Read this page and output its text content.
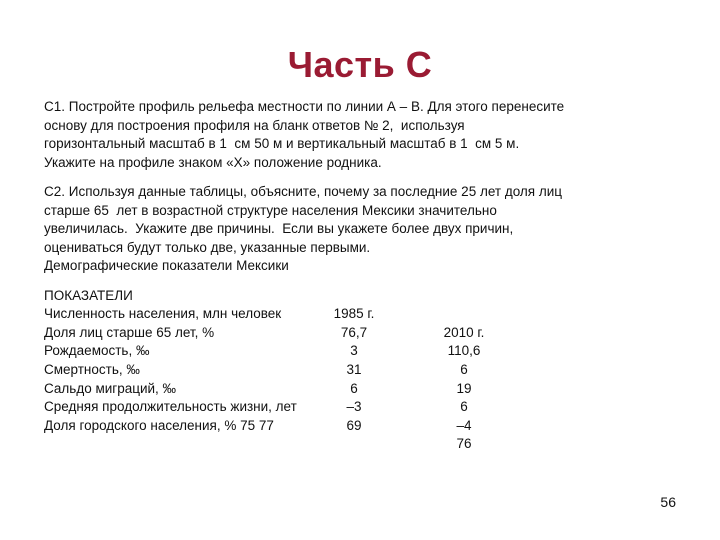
Часть С
С1. Постройте профиль рельефа местности по линии А – В. Для этого перенесите
основу для построения профиля на бланк ответов № 2,  используя
горизонтальный масштаб в 1  см 50 м и вертикальный масштаб в 1  см 5 м.
Укажите на профиле знаком «Х» положение родника.
С2. Используя данные таблицы, объясните, почему за последние 25 лет доля лиц
старше 65  лет в возрастной структуре населения Мексики значительно
увеличилась.  Укажите две причины.  Если вы укажете более двух причин,
оцениваться будут только две, указанные первыми.
Демографические показатели Мексики

ПОКАЗАТЕЛИ

1985 г.

2010 г.

Численность населения, млн человек

76,7

110,6

Доля лиц старше 65 лет, %

3

6

Рождаемость, ‰

31

19

Смертность, ‰

6

6

Сальдо миграций, ‰

–3

–4

Средняя продолжительность жизни, лет

69

76

Доля городского населения, % 75 77

56
